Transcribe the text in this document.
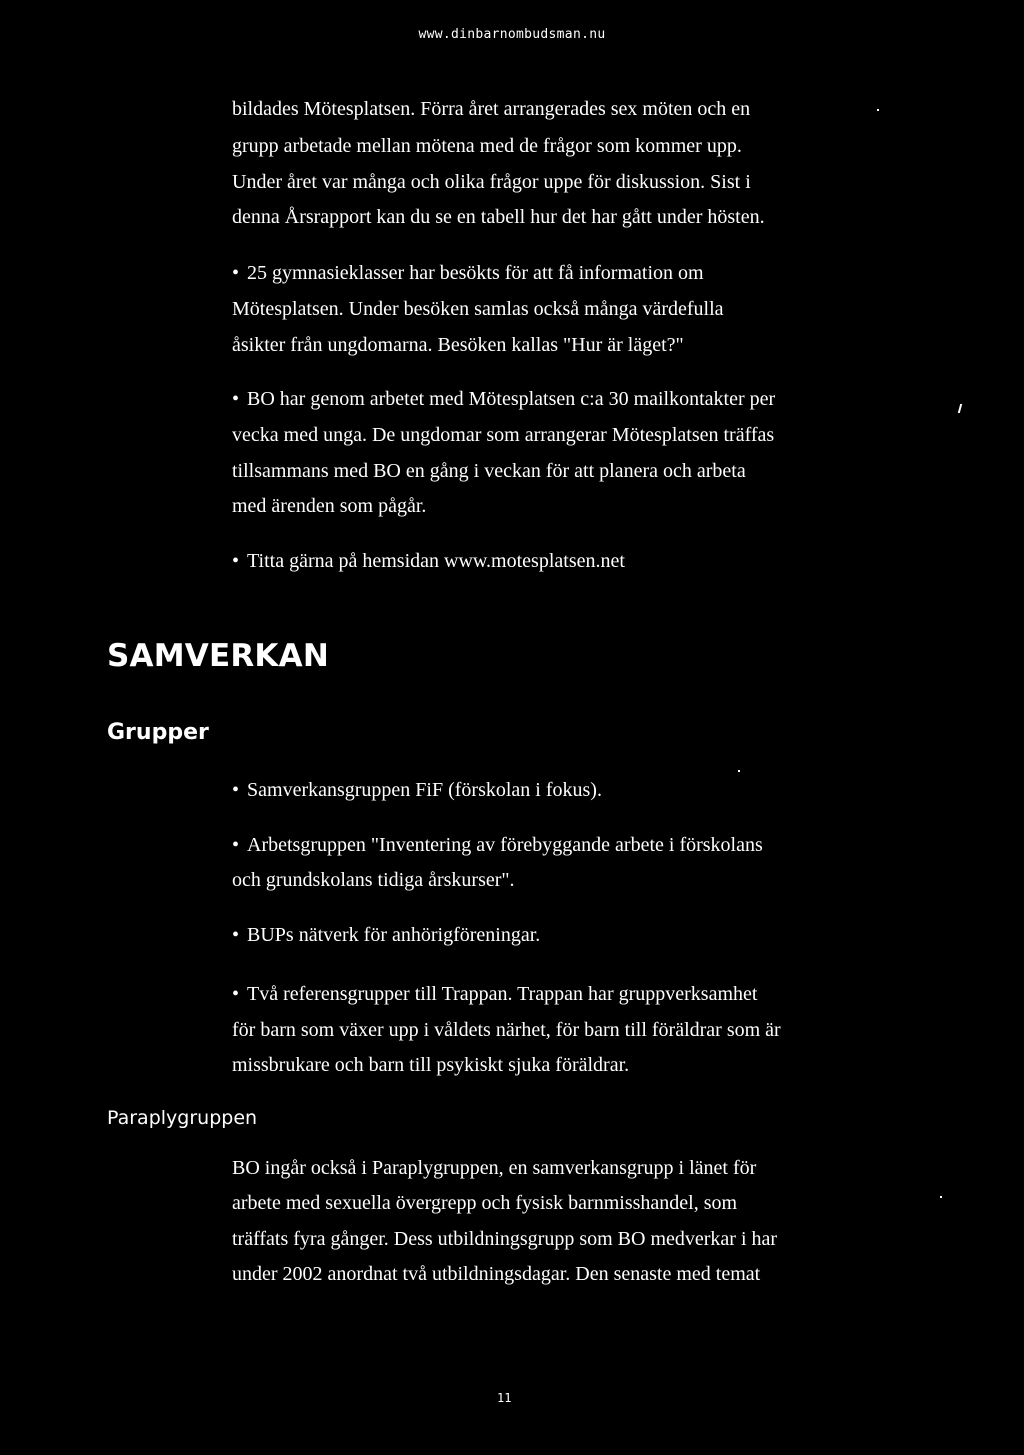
www.dinbarnombudsman.nu
bildades Mötesplatsen. Förra året arrangerades sex möten och en
grupp arbetade mellan mötena med de frågor som kommer upp.
Under året var många och olika frågor uppe för diskussion. Sist i
denna Årsrapport kan du se en tabell hur det har gått under hösten.
• 25 gymnasieklasser har besökts för att få information om
Mötesplatsen. Under besöken samlas också många värdefulla
åsikter från ungdomarna. Besöken kallas "Hur är läget?"
• BO har genom arbetet med Mötesplatsen c:a 30 mailkontakter per
vecka med unga. De ungdomar som arrangerar Mötesplatsen träffas
tillsammans med BO en gång i veckan för att planera och arbeta
med ärenden som pågår.
• Titta gärna på hemsidan www.motesplatsen.net
SAMVERKAN
Grupper
• Samverkansgruppen FiF (förskolan i fokus).
• Arbetsgruppen "Inventering av förebyggande arbete i förskolans
och grundskolans tidiga årskurser".
• BUPs nätverk för anhörigföreningar.
• Två referensgrupper till Trappan. Trappan har gruppverksamhet
för barn som växer upp i våldets närhet, för barn till föräldrar som är
missbrukare och barn till psykiskt sjuka föräldrar.
Paraplygruppen
BO ingår också i Paraplygruppen, en samverkansgrupp i länet för
arbete med sexuella övergrepp och fysisk barnmisshandel, som
träffats fyra gånger. Dess utbildningsgrupp som BO medverkar i har
under 2002 anordnat två utbildningsdagar. Den senaste med temat
11
